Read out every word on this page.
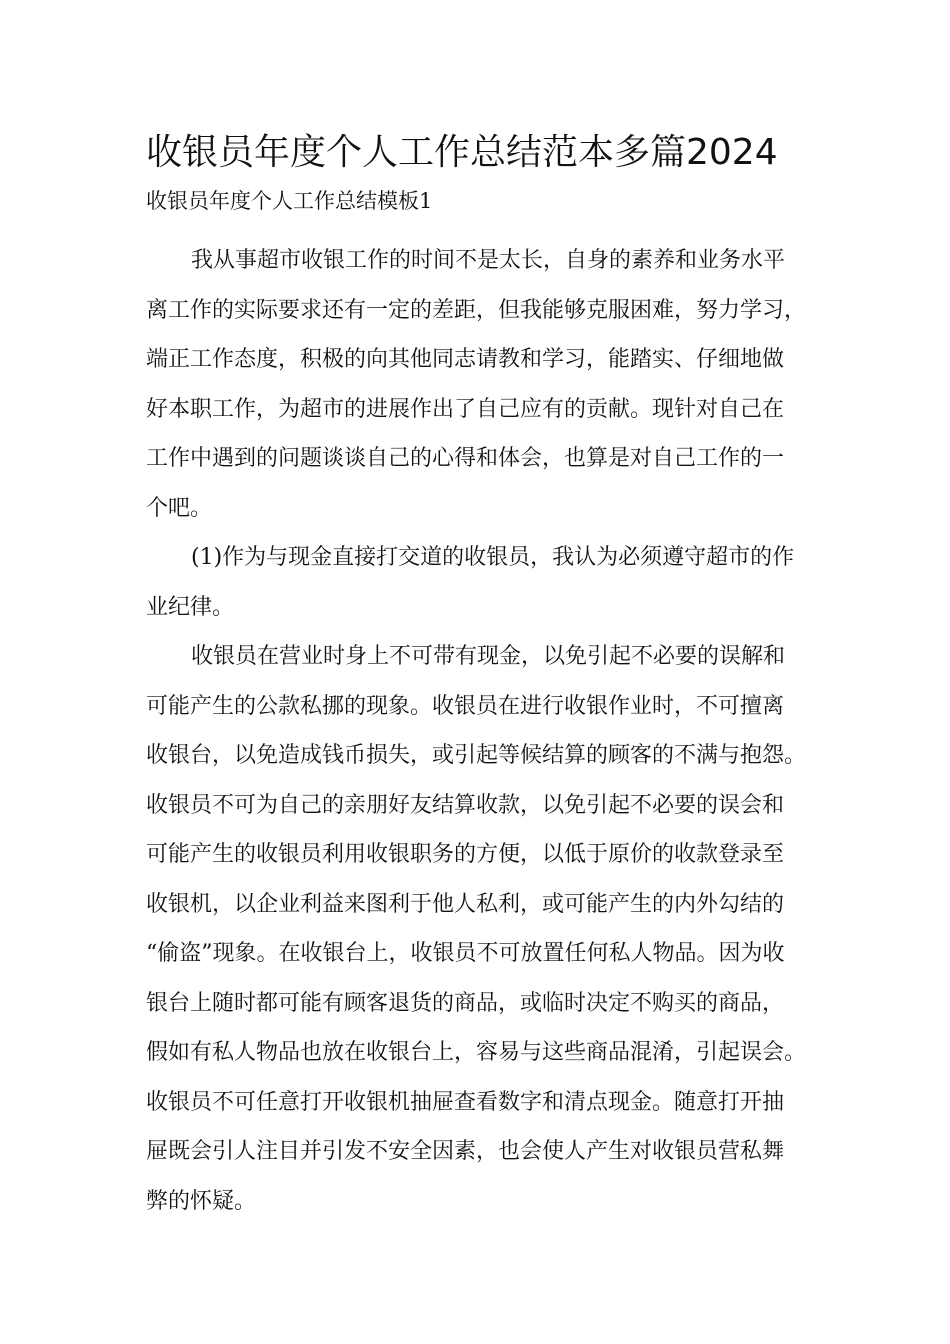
收银员年度个人工作总结范本多篇2024
收银员年度个人工作总结模板1

我从事超市收银工作的时间不是太长，自身的素养和业务水平
离工作的实际要求还有一定的差距，但我能够克服困难，努力学习，
端正工作态度，积极的向其他同志请教和学习，能踏实、仔细地做
好本职工作，为超市的进展作出了自己应有的贡献。现针对自己在
工作中遇到的问题谈谈自己的心得和体会，也算是对自己工作的一
个吧。

(1)作为与现金直接打交道的收银员，我认为必须遵守超市的作
业纪律。

收银员在营业时身上不可带有现金，以免引起不必要的误解和
可能产生的公款私挪的现象。收银员在进行收银作业时，不可擅离
收银台，以免造成钱币损失，或引起等候结算的顾客的不满与抱怨。
收银员不可为自己的亲朋好友结算收款，以免引起不必要的误会和
可能产生的收银员利用收银职务的方便，以低于原价的收款登录至
收银机，以企业利益来图利于他人私利，或可能产生的内外勾结的
“偷盗”现象。在收银台上，收银员不可放置任何私人物品。因为收
银台上随时都可能有顾客退货的商品，或临时决定不购买的商品，
假如有私人物品也放在收银台上，容易与这些商品混淆，引起误会。
收银员不可任意打开收银机抽屉查看数字和清点现金。随意打开抽
屉既会引人注目并引发不安全因素，也会使人产生对收银员营私舞
弊的怀疑。
